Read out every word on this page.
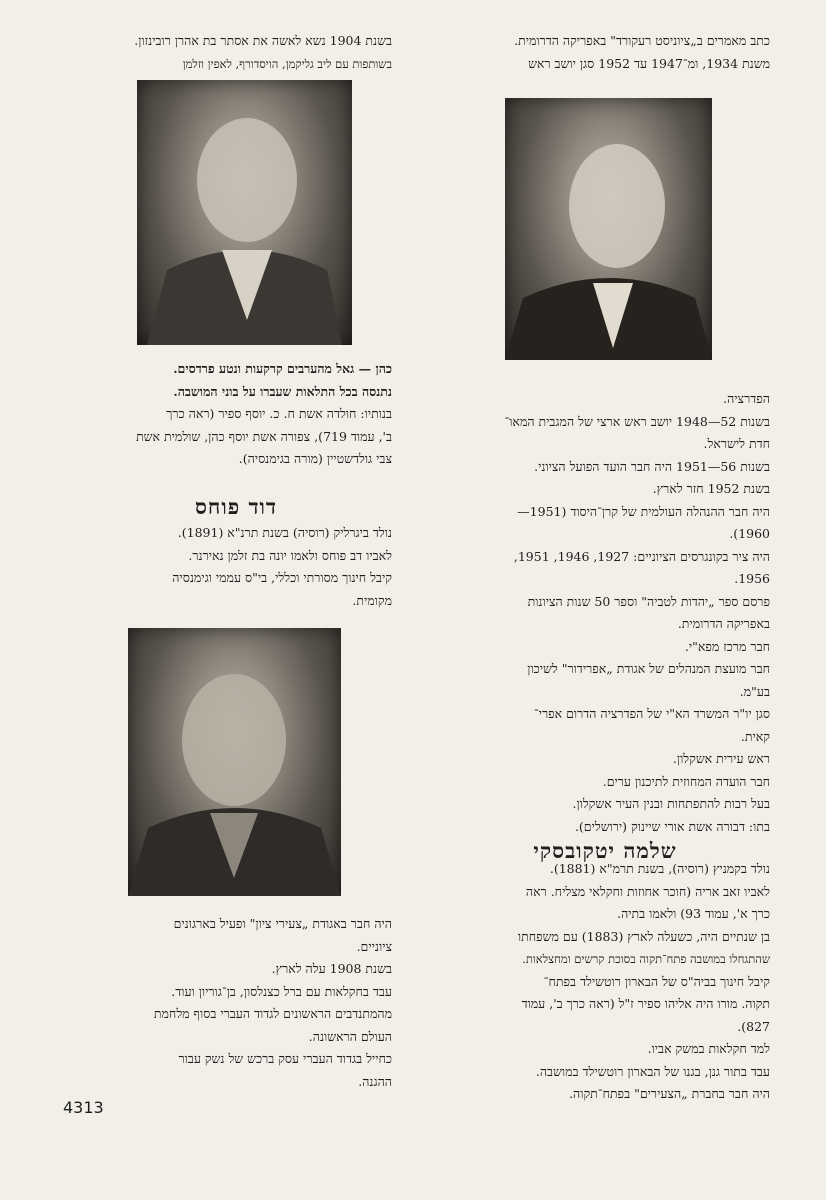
בשנת 1904 נשא לאשה את אסתר בת אהרן רובינזון.

בשותפות עם ליב גליקמן, הויסדורף, לאפין וזלמן

כהן — גאל מהערבים קרקעות ונטע פרדסים.

נתנסה בכל התלאות שעברו על בוני המושבה.

בנותיו: חולדה אשת ח. כ. יוסף ספיר (ראה כרך

ב', עמוד 719), צפורה אשת יוסף כהן, שולמית אשת

צבי גולדשטיין (מורה בגימנסיה).

דוד פוחס

נולד ביגרליק (רוסיה) בשנת תרנ"א (1891).

לאביו דב פוחס ולאמו יונה בת זלמן נאירנר.

קיבל חינוך מסורתי וכללי, בי"ס עממי וגימנסיה

מקומית.

היה חבר באגודת „צעירי ציון" ופעיל בארגונים

ציוניים.

בשנת 1908 עלה לארץ.

עבד בחקלאות עם ברל כצנלסון, בן־גוריון ועוד.

מהמתנדבים הראשונים לגדוד העברי בסוף מלחמת

העולם הראשונה.

כחייל בגדוד העברי עסק ברכש של נשק עבור

ההגנה.

כתב מאמרים ב„ציוניסט רעקורד" באפריקה הדרומית.

משנת 1934, ומ־1947 עד 1952 סגן יושב ראש

הפדרציה.

בשנות 52—1948 יושב ראש ארצי של המגבית המאו־

חדת לישראל.

בשנות 56—1951 היה חבר הועד הפועל הציוני.

בשנת 1952 חזר לארץ.

היה חבר ההנהלה העולמית של קרן־היסוד (1951—

1960).

היה ציר בקונגרסים הציוניים: 1927, 1946, 1951,

1956.

פרסם ספר „יהדות לטביה" וספר 50 שנות הציונות

באפריקה הדרומית.

חבר מרכז מפא"י.

חבר מועצת המנהלים של אגודת „אפרידור" לשיכון

בע"מ.

סגן יו"ר המשרד הא"י של הפדרציה הדרום אפרי־

קאית.

ראש עירית אשקלון.

חבר הועדה המחוזית לתיכנון ערים.

בעל רבות להתפתחות ובנין העיר אשקלון.

בתו: דבורה אשת אורי שיינוק (ירושלים).

שלמה יטקובסקי

נולד בקמניץ (רוסיה), בשנת תרמ"א (1881).

לאביו זאב אריה (חוכר אחוזות וחקלאי מצליח. ראה

כרך א', עמוד 93) ולאמו בתיה.

בן שנתיים היה, כשעלה לארץ (1883) עם משפחתו

שהתגחלו במושבה פתח־תקוה בסוכת קרשים ומחצלאות.

קיבל חינוך בביה"ס של הבארון רוטשילד בפתח־

תקוה. מורו היה אליהו ספיר ז"ל (ראה כרך ב', עמוד

827).

למד חקלאות במשק אביו.

עבד בתור גנן, בגנו של הבארון רוטשילד במושבה.

היה חבר בחברת „הצעירים" בפתח־תקוה.

4313
